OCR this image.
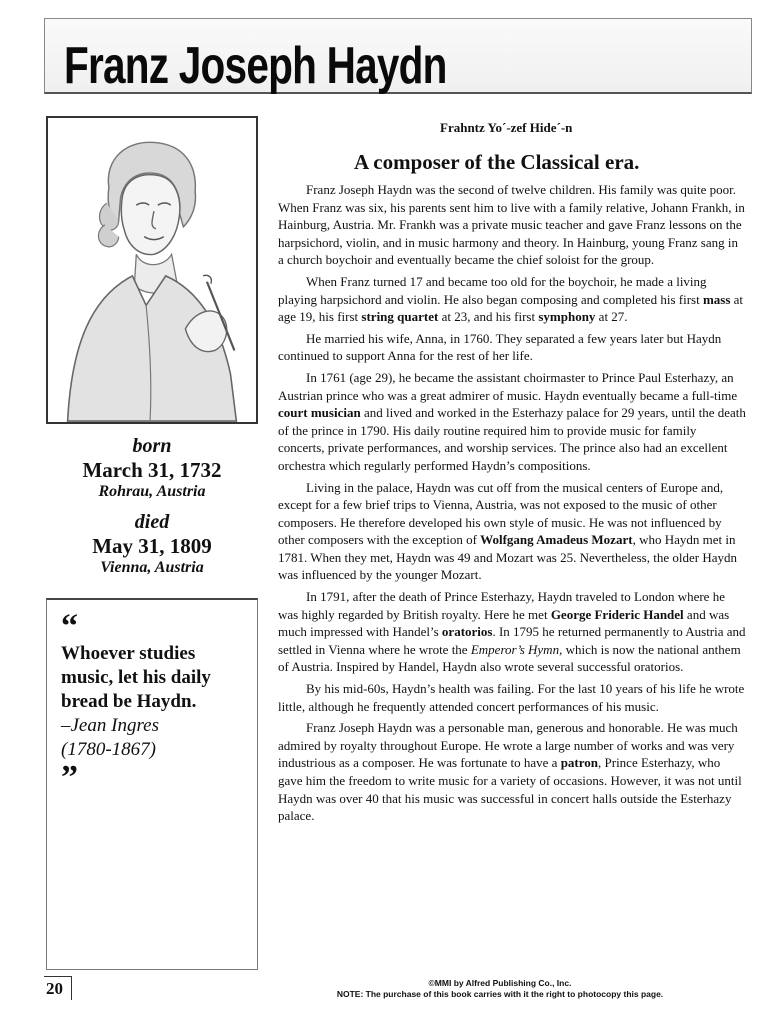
Franz Joseph Haydn
born
March 31, 1732
Rohrau, Austria
died
May 31, 1809
Vienna, Austria
“
Whoever studies music, let his daily bread be Haydn.
–Jean Ingres
(1780-1867)
”
20
Frahntz Yo´-zef Hide´-n
A composer of the Classical era.

Franz Joseph Haydn was the second of twelve children. His family was quite poor. When Franz was six, his parents sent him to live with a family relative, Johann Frankh, in Hainburg, Austria. Mr. Frankh was a private music teacher and gave Franz lessons on the harpsichord, violin, and in music harmony and theory. In Hainburg, young Franz sang in a church boychoir and eventually became the chief soloist for the group.

When Franz turned 17 and became too old for the boychoir, he made a living playing harpsichord and violin. He also began composing and completed his first mass at age 19, his first string quartet at 23, and his first symphony at 27.

He married his wife, Anna, in 1760. They separated a few years later but Haydn continued to support Anna for the rest of her life.

In 1761 (age 29), he became the assistant choirmaster to Prince Paul Esterhazy, an Austrian prince who was a great admirer of music. Haydn eventually became a full-time court musician and lived and worked in the Esterhazy palace for 29 years, until the death of the prince in 1790. His daily routine required him to provide music for family concerts, private performances, and worship services. The prince also had an excellent orchestra which regularly performed Haydn’s compositions.

Living in the palace, Haydn was cut off from the musical centers of Europe and, except for a few brief trips to Vienna, Austria, was not exposed to the music of other composers. He therefore developed his own style of music. He was not influenced by other composers with the exception of Wolfgang Amadeus Mozart, who Haydn met in 1781. When they met, Haydn was 49 and Mozart was 25. Nevertheless, the older Haydn was influenced by the younger Mozart.

In 1791, after the death of Prince Esterhazy, Haydn traveled to London where he was highly regarded by British royalty. Here he met George Frideric Handel and was much impressed with Handel’s oratorios. In 1795 he returned permanently to Austria and settled in Vienna where he wrote the Emperor’s Hymn, which is now the national anthem of Austria. Inspired by Handel, Haydn also wrote several successful oratorios.

By his mid-60s, Haydn’s health was failing. For the last 10 years of his life he wrote little, although he frequently attended concert performances of his music.

Franz Joseph Haydn was a personable man, generous and honorable. He was much admired by royalty throughout Europe. He wrote a large number of works and was very industrious as a composer. He was fortunate to have a patron, Prince Esterhazy, who gave him the freedom to write music for a variety of occasions. However, it was not until Haydn was over 40 that his music was successful in concert halls outside the Esterhazy palace.

©MMI by Alfred Publishing Co., Inc.
NOTE: The purchase of this book carries with it the right to photocopy this page.
